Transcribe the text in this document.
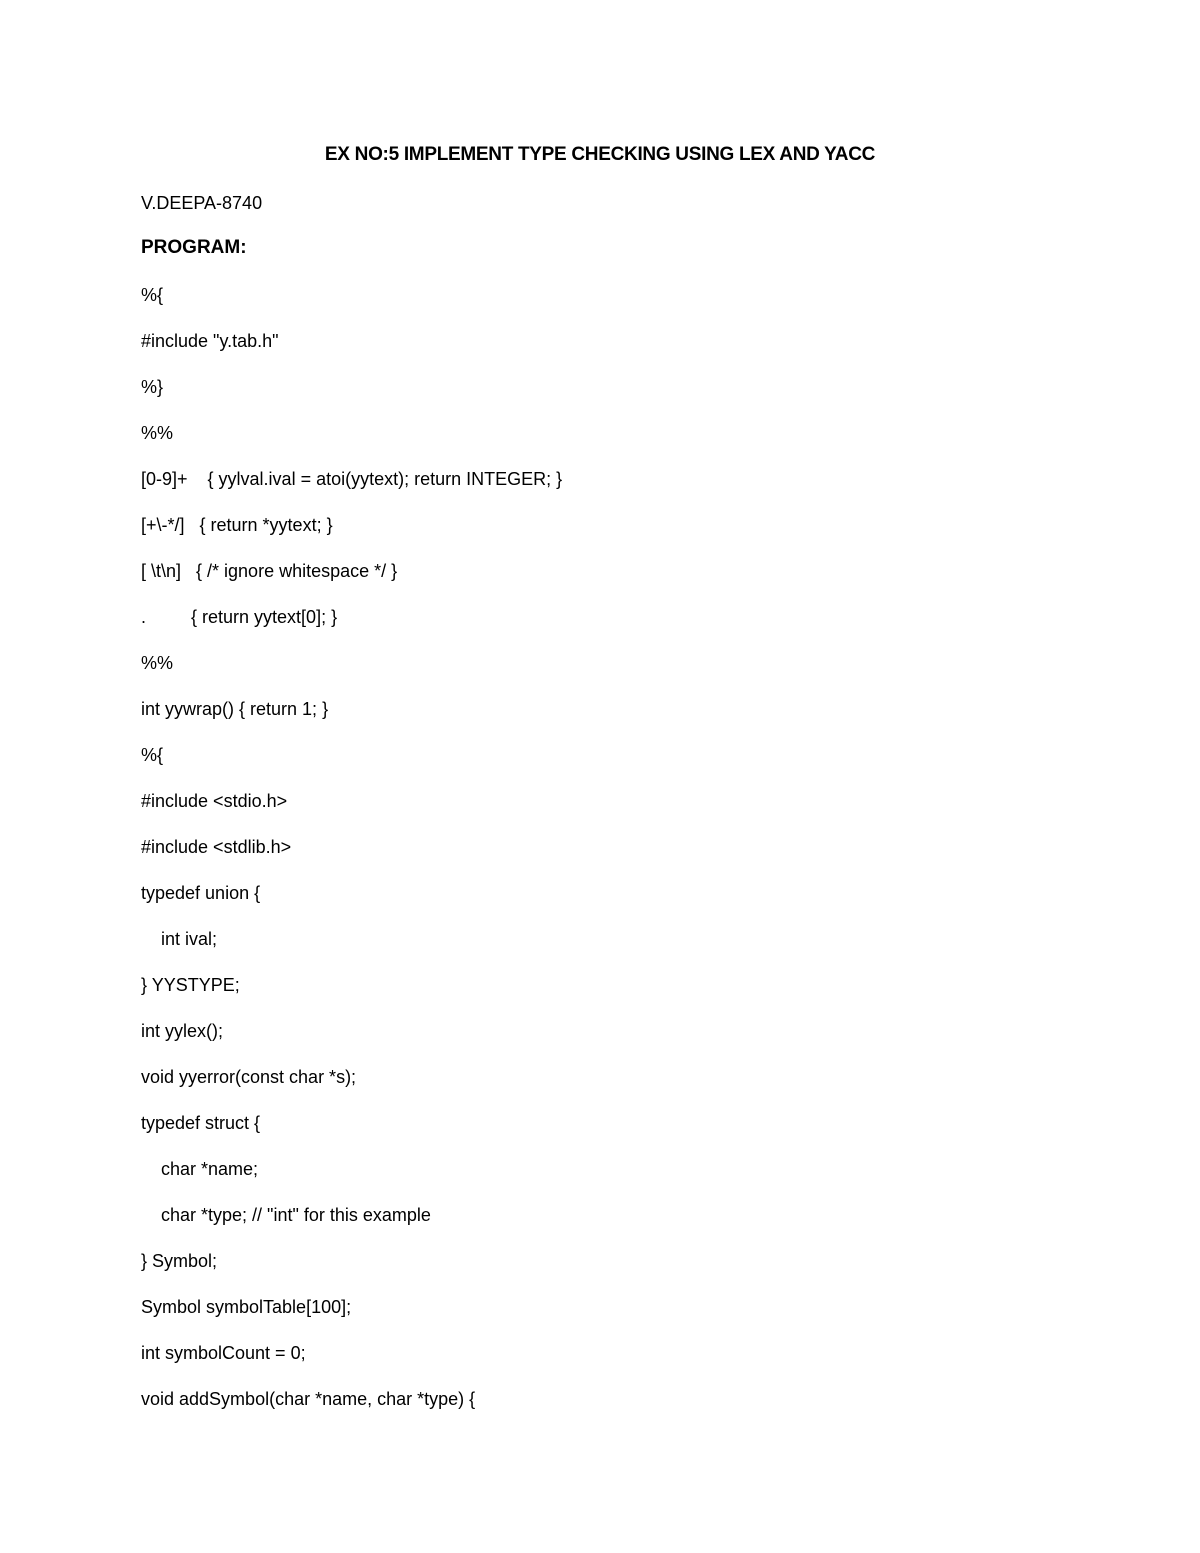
EX NO:5 IMPLEMENT TYPE CHECKING USING LEX AND YACC

V.DEEPA-8740

PROGRAM:
%{
#include "y.tab.h"
%}
%%
[0-9]+    { yylval.ival = atoi(yytext); return INTEGER; }
[+\-*/]   { return *yytext; }
[ \t\n]   { /* ignore whitespace */ }
.         { return yytext[0]; }
%%
int yywrap() { return 1; }
%{
#include <stdio.h>
#include <stdlib.h>
typedef union {
int ival;
} YYSTYPE;
int yylex();
void yyerror(const char *s);
typedef struct {
char *name;
char *type; // "int" for this example
} Symbol;
Symbol symbolTable[100];
int symbolCount = 0;
void addSymbol(char *name, char *type) {
